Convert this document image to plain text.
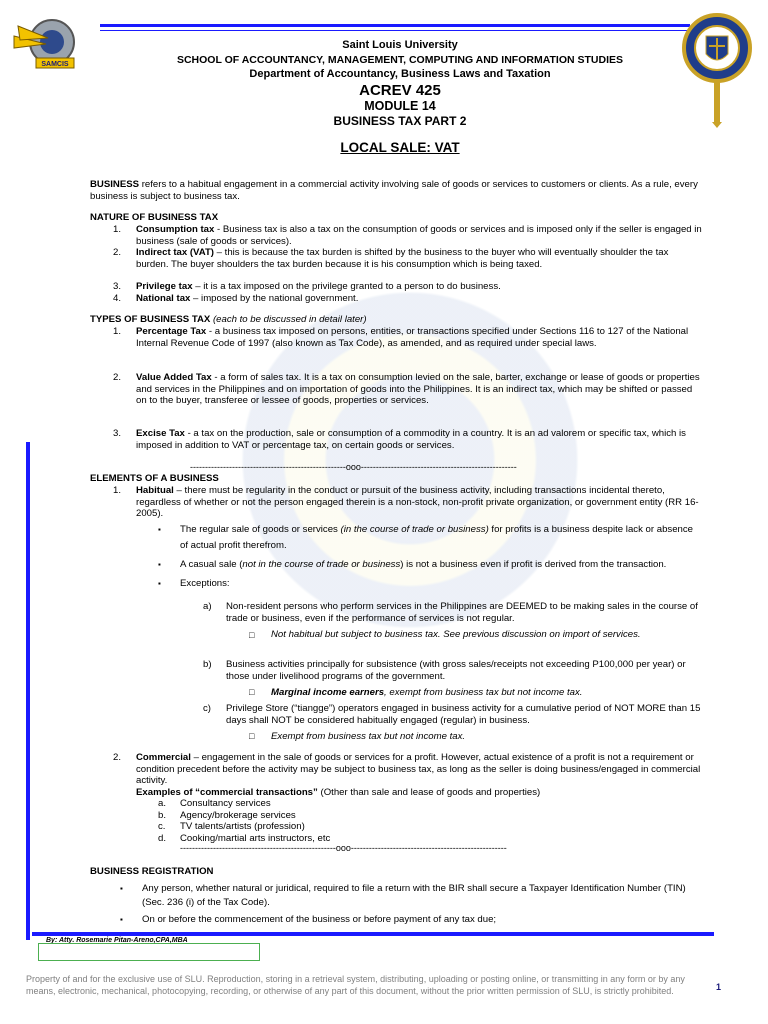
SAMCIS
Saint Louis University
SCHOOL OF ACCOUNTANCY, MANAGEMENT, COMPUTING AND INFORMATION STUDIES
Department of Accountancy, Business Laws and Taxation
ACREV 425
MODULE 14
BUSINESS TAX PART 2
LOCAL SALE: VAT

BUSINESS refers to a habitual engagement in a commercial activity involving sale of goods or services to customers or clients. As a rule, every business is subject to business tax.

NATURE OF BUSINESS TAX
1.	Consumption tax - Business tax is also a tax on the consumption of goods or services and is imposed only if the seller is engaged in business (sale of goods or services).

2.	Indirect tax (VAT) – this is because the tax burden is shifted by the business to the buyer who will eventually shoulder the tax burden. The buyer shoulders the tax burden because it is his consumption which is being taxed.

3.	Privilege tax – it is a tax imposed on the privilege granted to a person to do business.

4.	National tax – imposed by the national government.

TYPES OF BUSINESS TAX (each to be discussed in detail later)
1.	Percentage Tax - a business tax imposed on persons, entities, or transactions specified under Sections 116 to 127 of the National Internal Revenue Code of 1997 (also known as Tax Code), as amended, and as required under special laws.

2.	Value Added Tax - a form of sales tax. It is a tax on consumption levied on the sale, barter, exchange or lease of goods or properties and services in the Philippines and on importation of goods into the Philippines. It is an indirect tax, which may be shifted or passed on to the buyer, transferee or lessee of goods, properties or services.

3.	Excise Tax - a tax on the production, sale or consumption of a commodity in a country. It is an ad valorem or specific tax, which is imposed in addition to VAT or percentage tax, on certain goods or services.

----------------------------------------------------ooo----------------------------------------------------
ELEMENTS OF A BUSINESS
1.	Habitual – there must be regularity in the conduct or pursuit of the business activity, including transactions incidental thereto, regardless of whether or not the person engaged therein is a non-stock, non-profit private organization, or government entity (RR 16-2005).

▪ The regular sale of goods or services (in the course of trade or business) for profits is a business despite lack or absence of actual profit therefrom.
▪ A casual sale (not in the course of trade or business) is not a business even if profit is derived from the transaction.
▪ Exceptions:
a)	Non-resident persons who perform services in the Philippines are DEEMED to be making sales in the course of trade or business, even if the performance of services is not regular.

□ Not habitual but subject to business tax. See previous discussion on import of services.
b)	Business activities principally for subsistence (with gross sales/receipts not exceeding P100,000 per year) or those under livelihood programs of the government.

□ Marginal income earners, exempt from business tax but not income tax.
c)	Privilege Store (“tiangge”) operators engaged in business activity for a cumulative period of NOT MORE than 15 days shall NOT be considered habitually engaged (regular) in business.

□ Exempt from business tax but not income tax.
2.	Commercial – engagement in the sale of goods or services for a profit. However, actual existence of a profit is not a requirement or condition precedent before the activity may be subject to business tax, as long as the seller is doing business/engaged in commercial activity.

Examples of “commercial transactions” (Other than sale and lease of goods and properties)

a.	Consultancy services
b.	Agency/brokerage services
c.	TV talents/artists (profession)
d.	Cooking/martial arts instructors, etc
----------------------------------------------------ooo----------------------------------------------------
BUSINESS REGISTRATION
▪ Any person, whether natural or juridical, required to file a return with the BIR shall secure a Taxpayer Identification Number (TIN) (Sec. 236 (i) of the Tax Code).
▪ On or before the commencement of the business or before payment of any tax due;
By: Atty. Rosemarie Pitan-Areno,CPA,MBA

Property of and for the exclusive use of SLU. Reproduction, storing in a retrieval system, distributing, uploading or posting online, or transmitting in any form or by any means, electronic, mechanical, photocopying, recording, or otherwise of any part of this document, without the prior written permission of SLU, is strictly prohibited.	1
